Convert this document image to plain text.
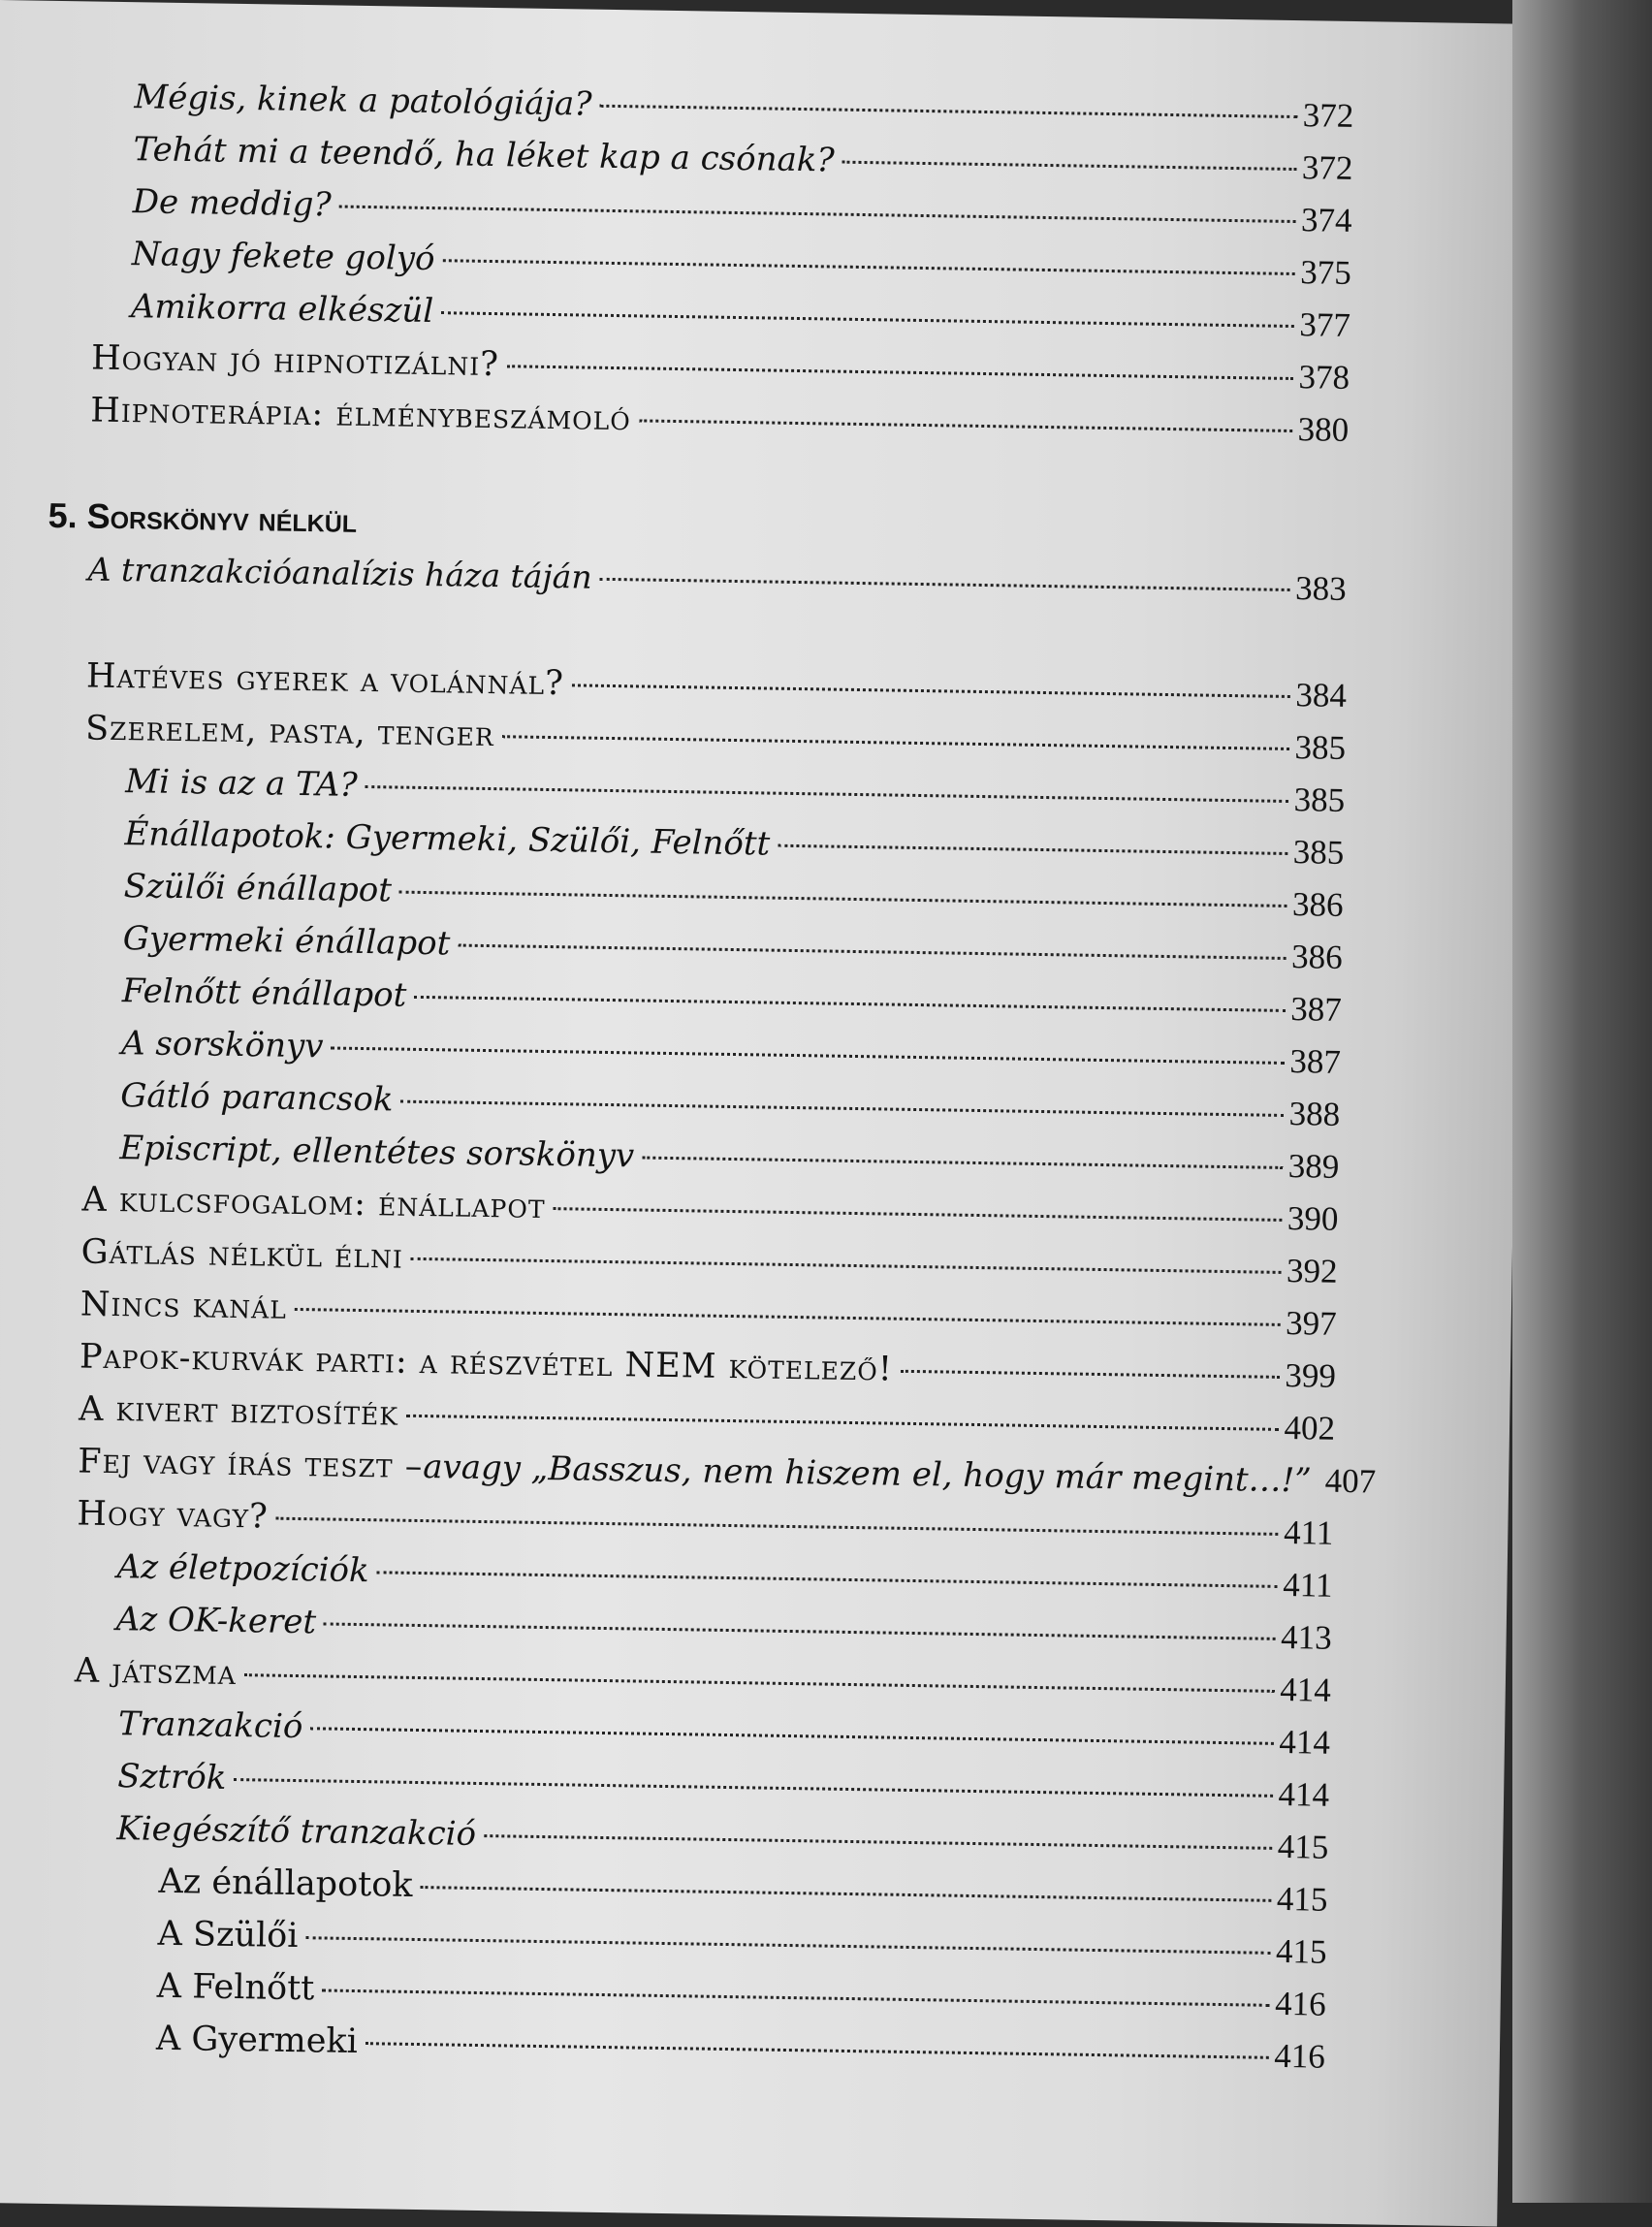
Mégis, kinek a patológiája?	372
Tehát mi a teendő, ha léket kap a csónak?	372
De meddig?	374
Nagy fekete golyó	375
Amikorra elkészül	377
Hogyan jó hipnotizálni?	378
Hipnoterápia: élménybeszámoló	380
5. Sorskönyv nélkül
A tranzakcióanalízis háza táján	383
Hatéves gyerek a volánnál?	384
Szerelem, pasta, tenger	385
Mi is az a TA?	385
Énállapotok: Gyermeki, Szülői, Felnőtt	385
Szülői énállapot	386
Gyermeki énállapot	386
Felnőtt énállapot	387
A sorskönyv	387
Gátló parancsok	388
Episcript, ellentétes sorskönyv	389
A kulcsfogalom: énállapot	390
Gátlás nélkül élni	392
Nincs kanál	397
Papok-kurvák parti: a részvétel NEM kötelező!	399
A kivert biztosíték	402
Fej vagy írás teszt – avagy „Basszus, nem hiszem el, hogy már megint…!” 407
Hogy vagy?	411
Az életpozíciók	411
Az OK-keret	413
A játszma	414
Tranzakció	414
Sztrók	414
Kiegészítő tranzakció	415
Az énállapotok	415
A Szülői	415
A Felnőtt	416
A Gyermeki	416
